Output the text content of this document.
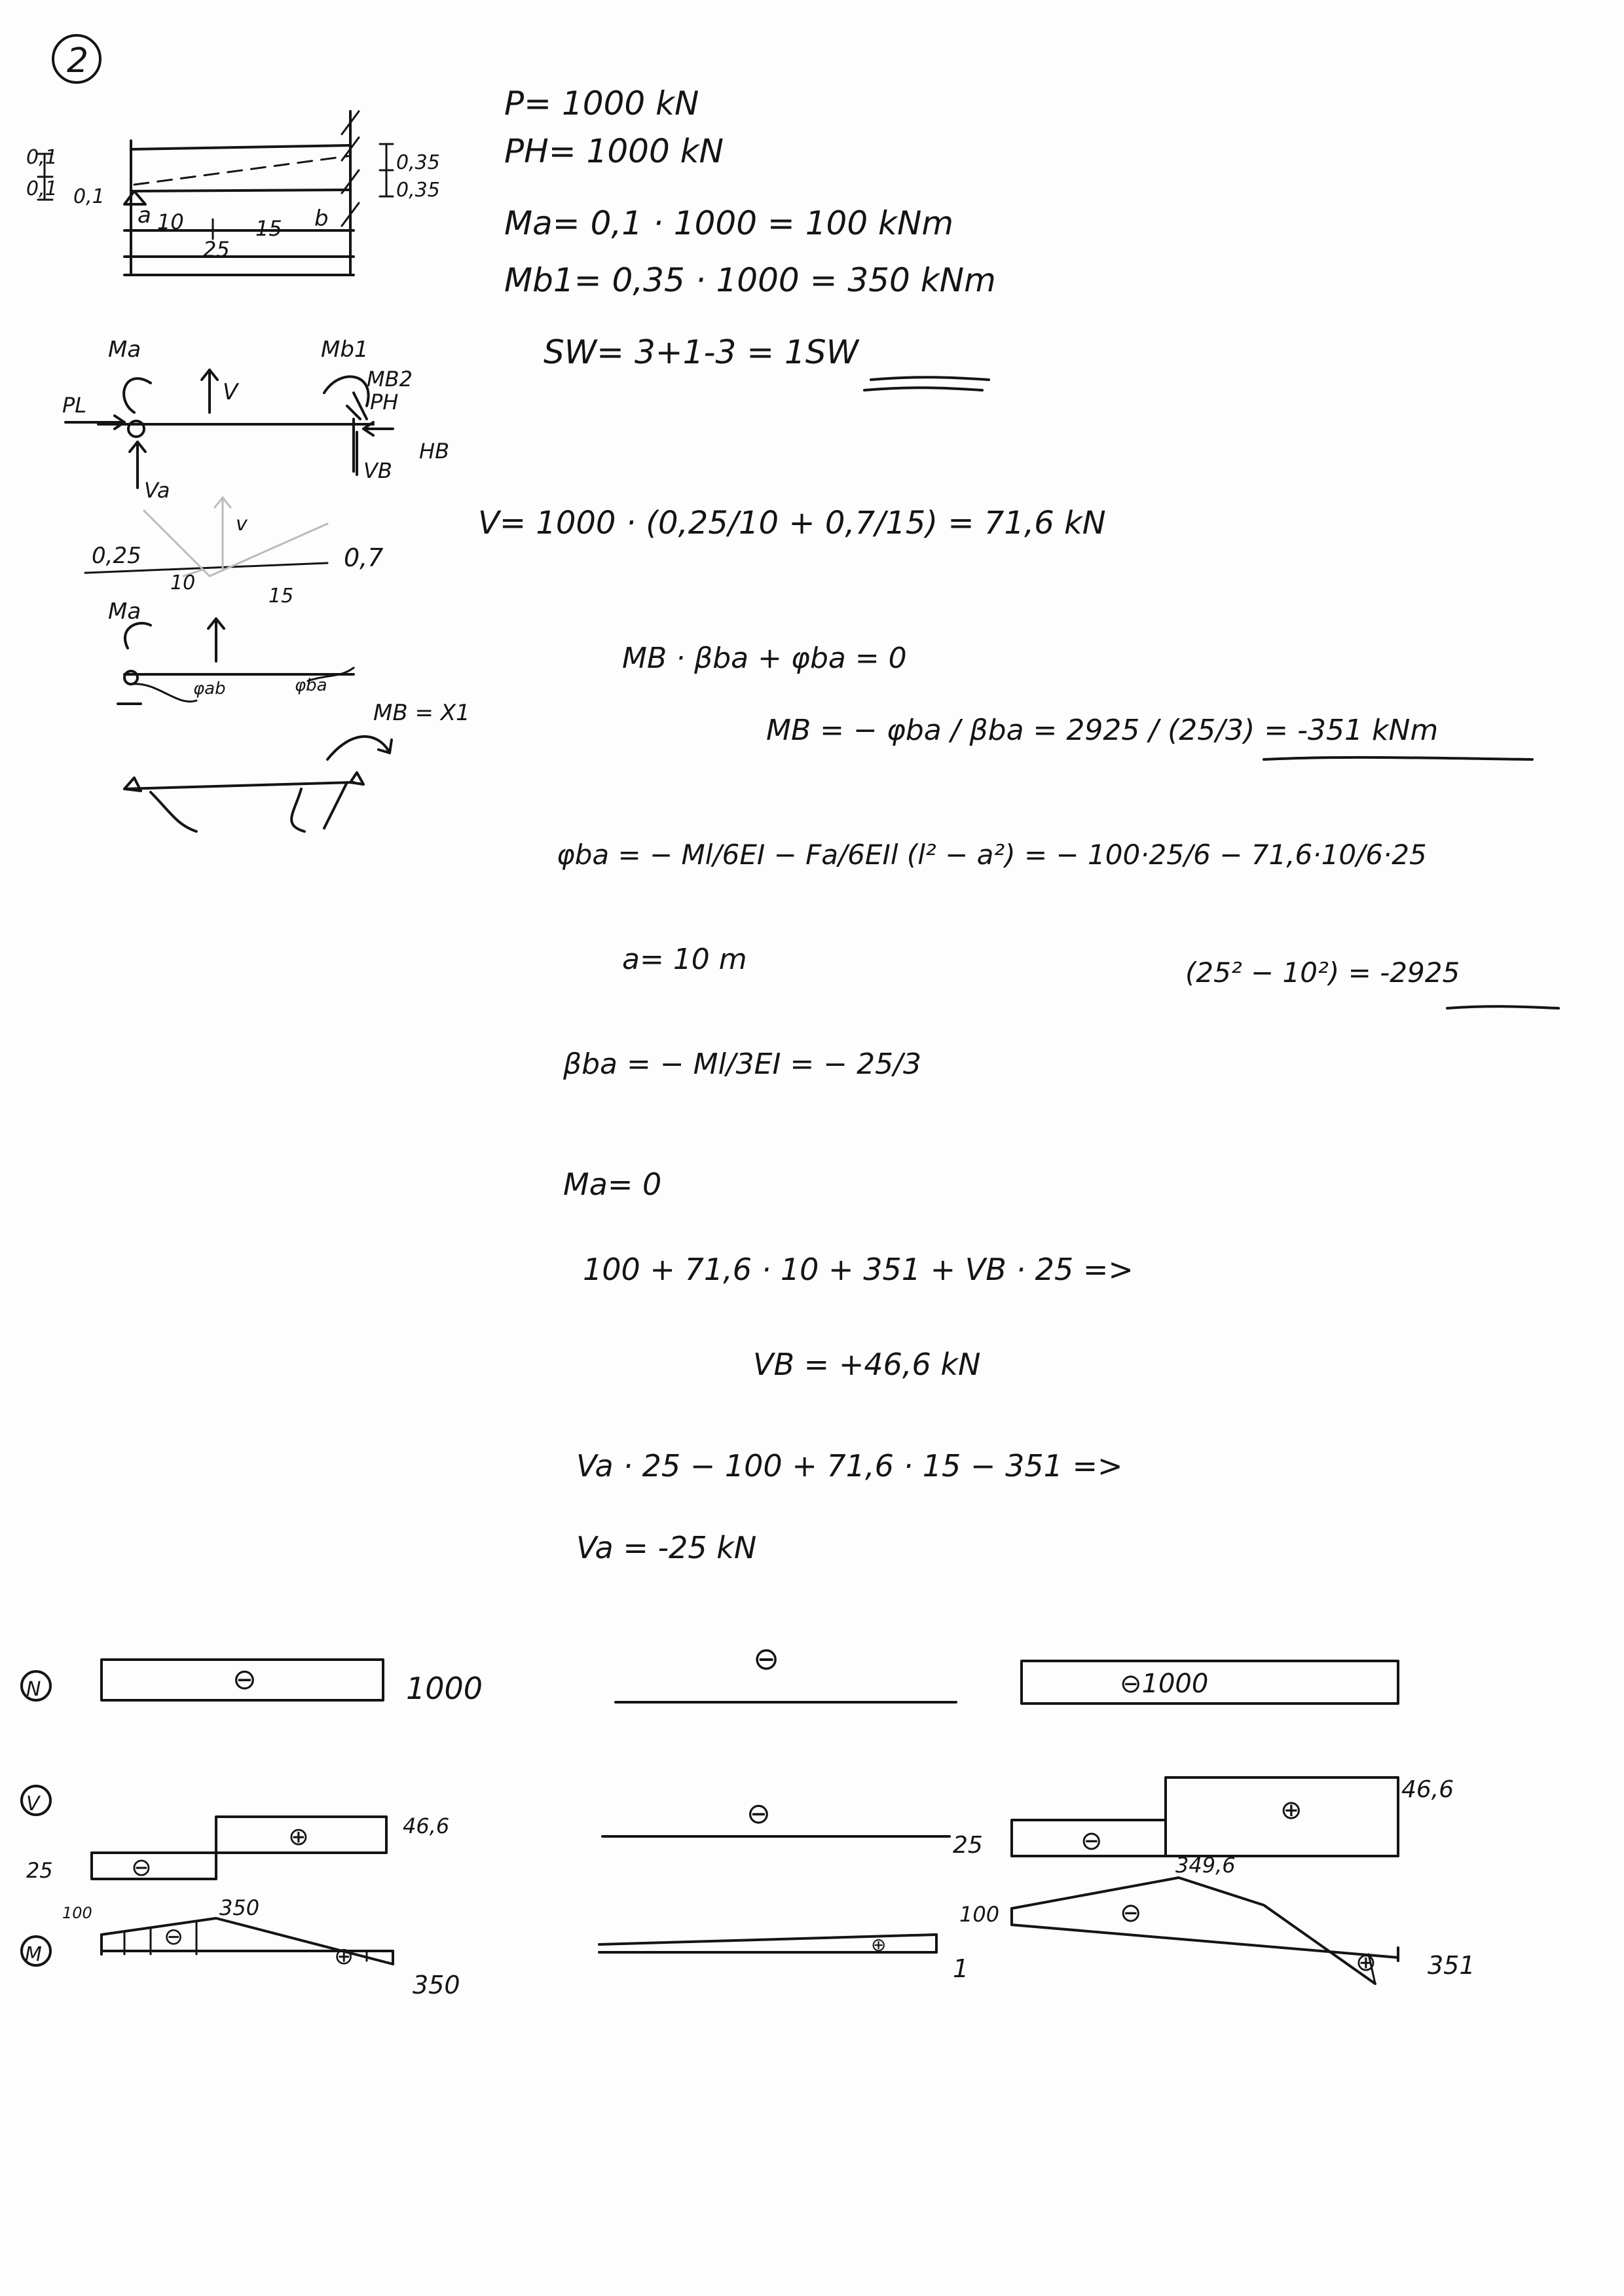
2
0,1
0,1 0,1
0,35
0,35
a	b
10	15
25
P= 1000 kN
PH= 1000 kN
Ma= 0,1 · 1000 = 100 kNm
Mb1= 0,35 · 1000 = 350 kNm
SW= 3+1-3 = 1SW
Ma	Mb1
MB2
V
PL	PH
HB
Va
VB
v
0,25	0,7
10
15
Ma
φab	φba
MB = X1
V= 1000 · (0,25/10 + 0,7/15) = 71,6 kN
MB · βba + φba = 0
MB = − φba / βba = 2925 / (25/3) = -351 kNm
φba = − Ml/6EI − Fa/6EIl (l² − a²) = − 100·25/6 − 71,6·10/6·25
(25² − 10²) = -2925
a= 10 m
βba = − Ml/3EI = − 25/3
Ma= 0
100 + 71,6 · 10 + 351 + VB · 25 =>
VB = +46,6 kN
Va · 25 − 100 + 71,6 · 15 − 351 =>
Va = -25 kN
N	⊖	1000
⊖
⊖1000
V
⊖
⊕
25
46,6	⊖
⊖
⊕
25
46,6
M
⊖
⊕
100	350
350
⊕
1
⊖
⊕
100
349,6
351
